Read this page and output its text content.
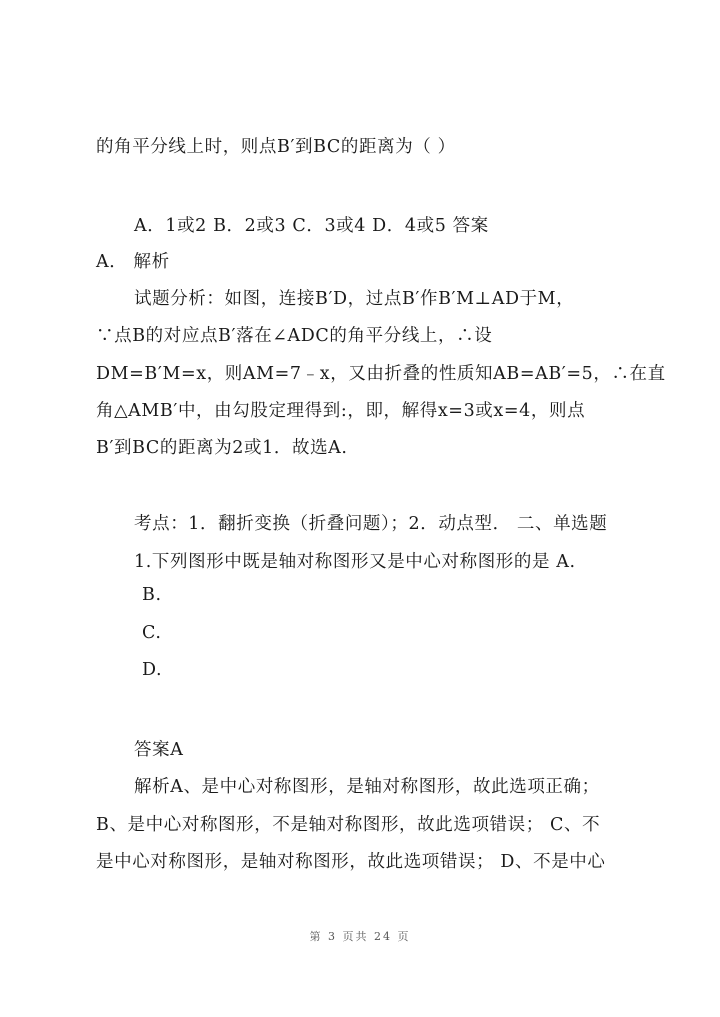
的角平分线上时，则点B′到BC的距离为（ ）
A．1或2 B．2或3 C．3或4 D．4或5 答案
A． 解析
试题分析：如图，连接B′D，过点B′作B′M⊥AD于M，
∵点B的对应点B′落在∠ADC的角平分线上，∴设
DM=B′M=x，则AM=7﹣x，又由折叠的性质知AB=AB′=5，∴在直
角△AMB′中，由勾股定理得到:，即，解得x=3或x=4，则点
B′到BC的距离为2或1．故选A.
考点：1．翻折变换（折叠问题）；2．动点型． 二、单选题
1.下列图形中既是轴对称图形又是中心对称图形的是 A.
B.
C.
D.
答案A
解析A、是中心对称图形，是轴对称图形，故此选项正确；
B、是中心对称图形，不是轴对称图形，故此选项错误； C、不
是中心对称图形，是轴对称图形，故此选项错误； D、不是中心
第 3 页共 24 页
